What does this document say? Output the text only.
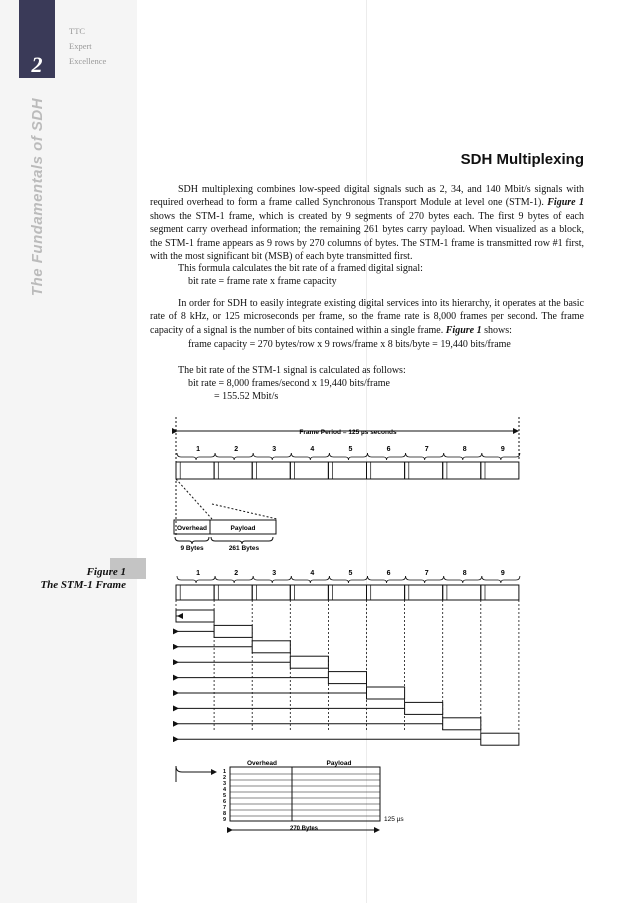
2
TTC
Expert
Excellence
The Fundamentals of SDH
Figure 1
The STM-1 Frame
SDH Multiplexing

SDH multiplexing combines low-speed digital signals such as 2, 34, and 140 Mbit/s signals with required overhead to form a frame called Synchronous Transport Module at level one (STM-1). Figure 1 shows the STM-1 frame, which is created by 9 segments of 270 bytes each. The first 9 bytes of each segment carry overhead information; the remaining 261 bytes carry payload. When visualized as a block, the STM-1 frame appears as 9 rows by 270 columns of bytes. The STM-1 frame is transmitted row #1 first, with the most significant bit (MSB) of each byte transmitted first.

This formula calculates the bit rate of a framed digital signal:
bit rate = frame rate x frame capacity

In order for SDH to easily integrate existing digital services into its hierarchy, it operates at the basic rate of 8 kHz, or 125 microseconds per frame, so the frame rate is 8,000 frames per second. The frame capacity of a signal is the number of bits contained within a single frame. Figure 1 shows:

frame capacity = 270 bytes/row x 9 rows/frame x 8 bits/byte = 19,440 bits/frame
The bit rate of the STM-1 signal is calculated as follows:
bit rate = 8,000 frames/second x 19,440 bits/frame
= 155.52 Mbit/s
1	2	3	4	5	6	7	8	9
1	2	3	4	5	6	7	8	9
1
2
3
4
5
6
7
8
9
Frame Period = 125 µs seconds
Overhead	Payload
9 Bytes	261 Bytes
Overhead	Payload
270 Bytes
125 µs
